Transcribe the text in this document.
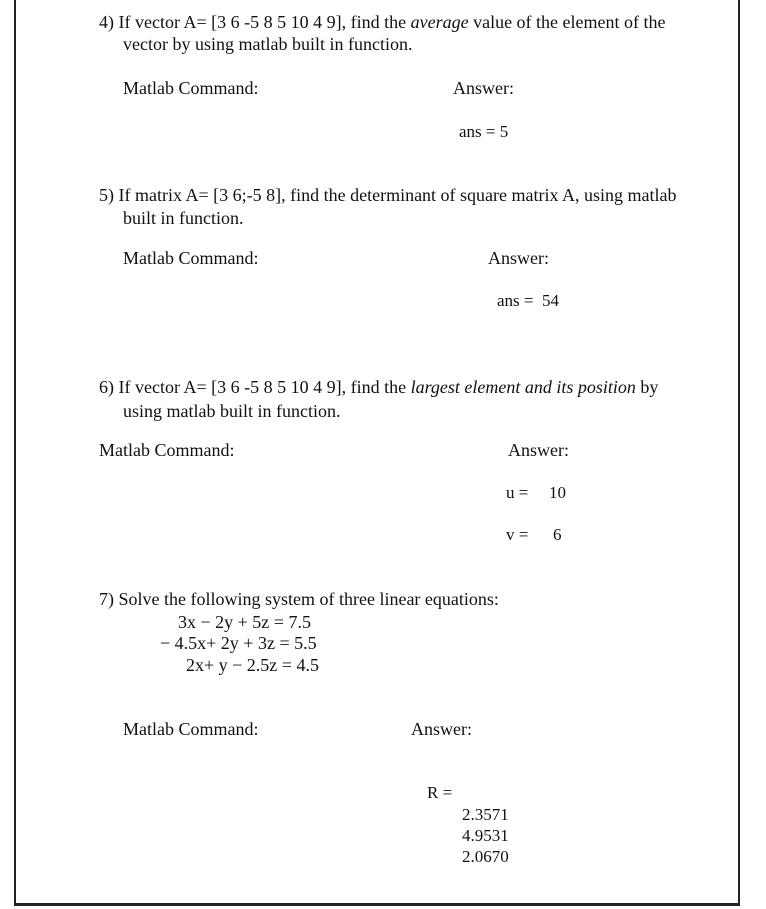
4) If vector A= [3 6 -5 8 5 10 4 9], find the average value of the element of the
vector by using matlab built in function.
Matlab Command:	Answer:
ans = 5
5) If matrix A= [3 6;-5 8], find the determinant of square matrix A, using matlab
built in function.
Matlab Command:	Answer:
ans =  54
6) If vector A= [3 6 -5 8 5 10 4 9], find the largest element and its position by
using matlab built in function.
Matlab Command:	Answer:
u = 10
v = 6
7) Solve the following system of three linear equations:
3x − 2y + 5z = 7.5
− 4.5x+ 2y + 3z = 5.5
2x+ y − 2.5z = 4.5
Matlab Command:	Answer:
R =
2.3571
4.9531
2.0670
